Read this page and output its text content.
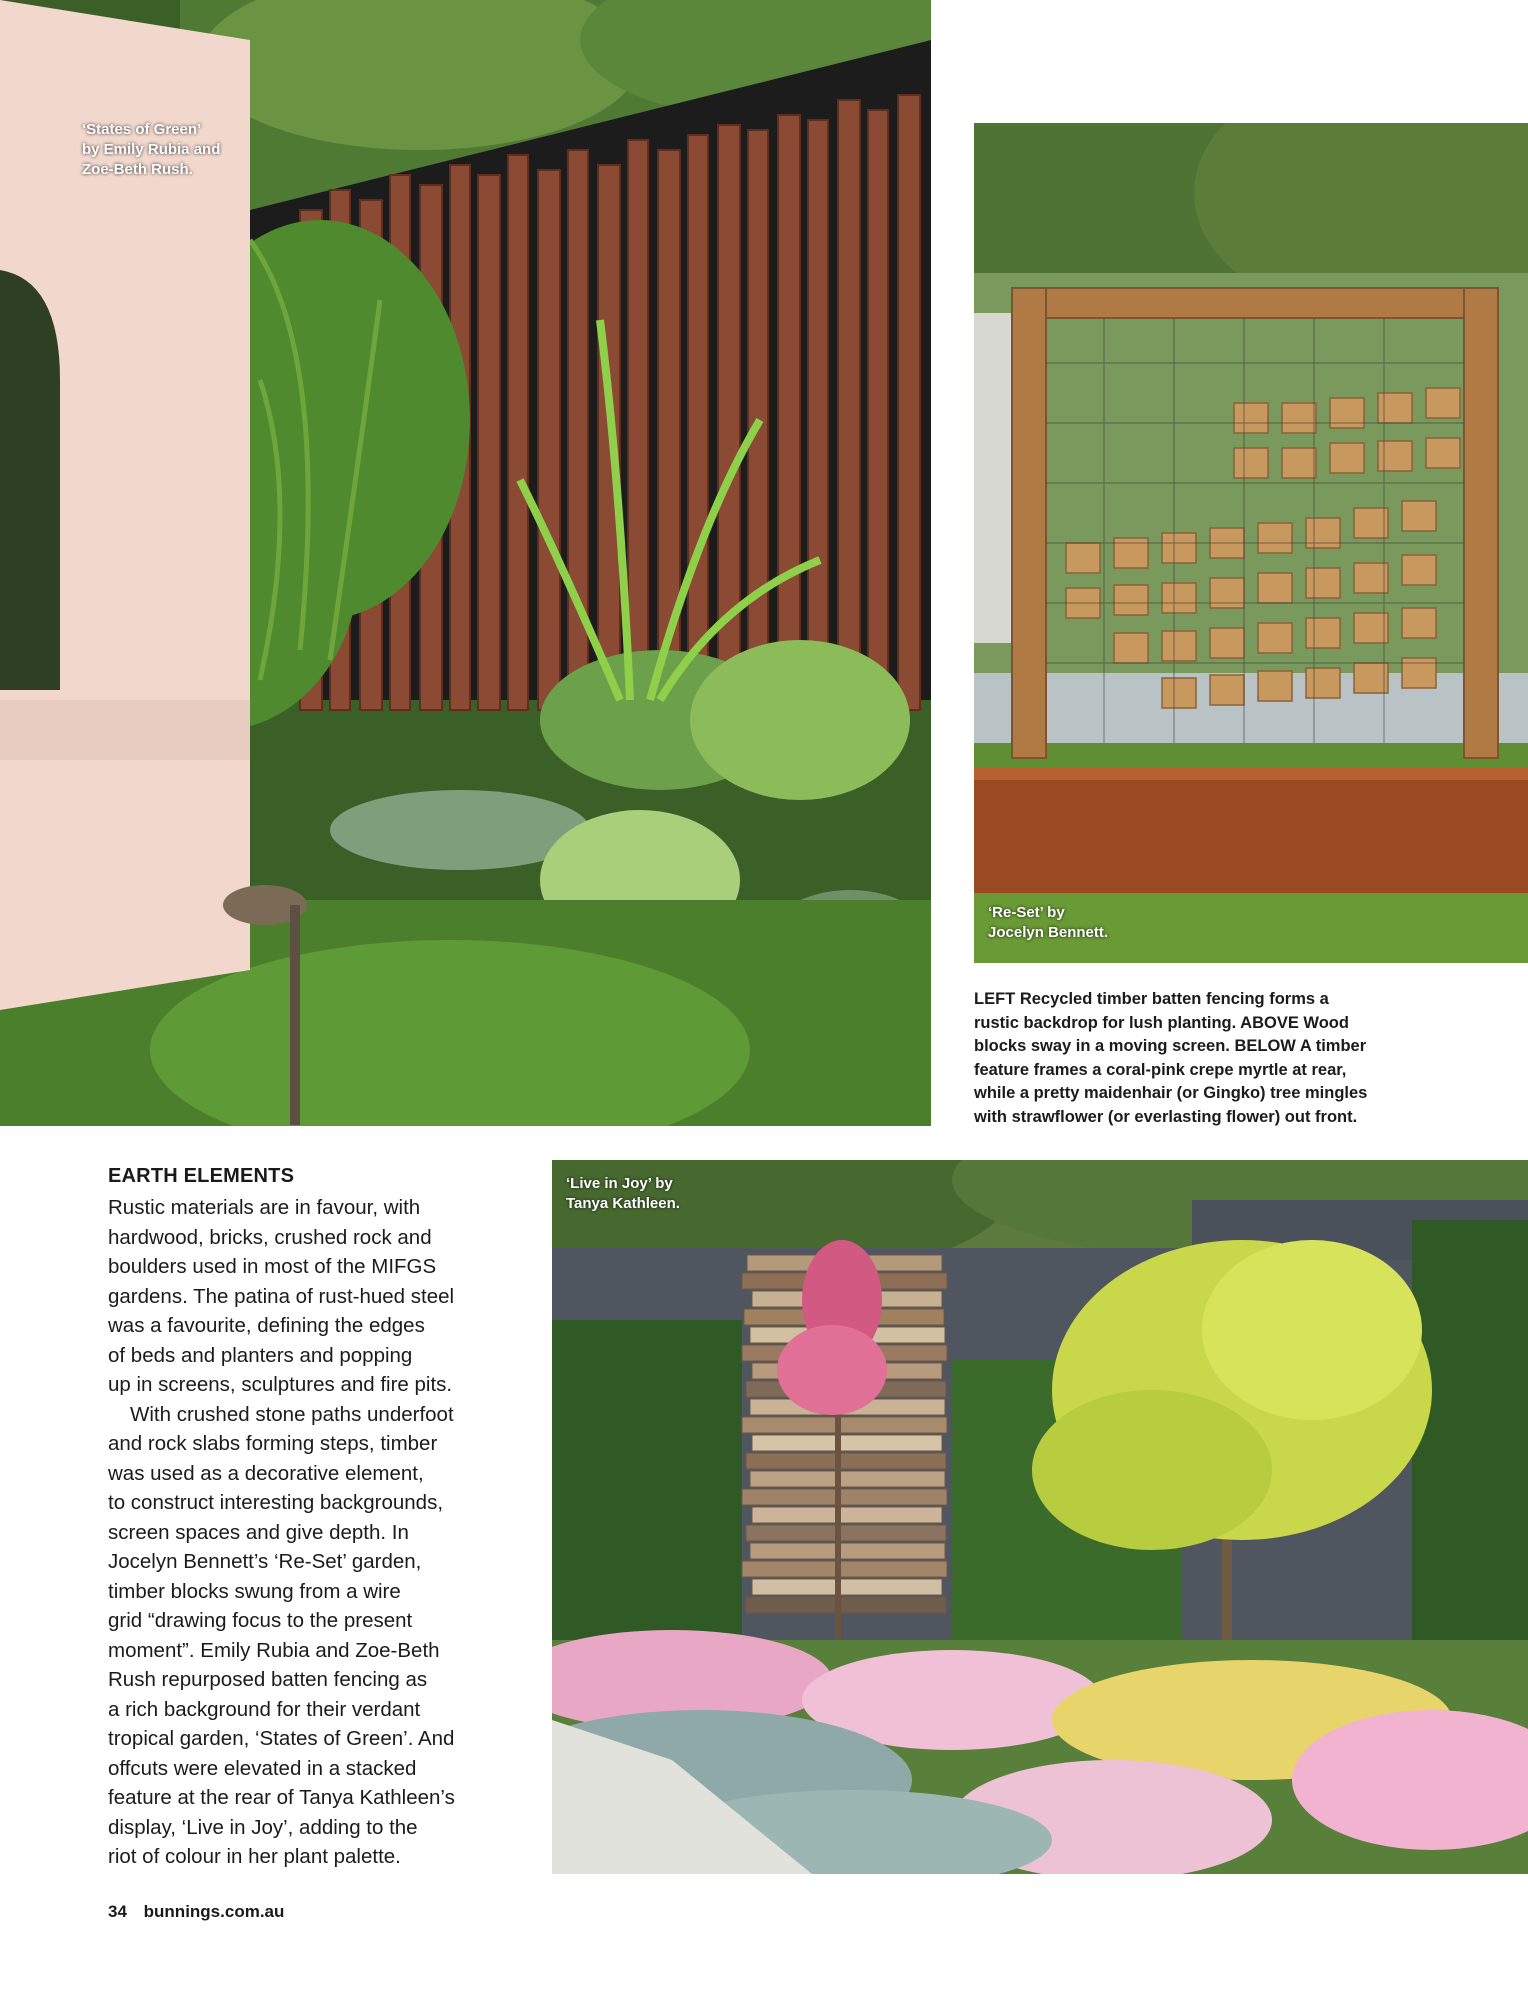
‘States of Green’
by Emily Rubia and
Zoe-Beth Rush.
‘Re-Set’ by
Jocelyn Bennett.
LEFT Recycled timber batten fencing forms a
rustic backdrop for lush planting. ABOVE Wood
blocks sway in a moving screen. BELOW A timber
feature frames a coral-pink crepe myrtle at rear,
while a pretty maidenhair (or Gingko) tree mingles
with strawflower (or everlasting flower) out front.
‘Live in Joy’ by
Tanya Kathleen.
EARTH ELEMENTS
Rustic materials are in favour, with
hardwood, bricks, crushed rock and
boulders used in most of the MIFGS
gardens. The patina of rust-hued steel
was a favourite, defining the edges
of beds and planters and popping
up in screens, sculptures and fire pits.
With crushed stone paths underfoot
and rock slabs forming steps, timber
was used as a decorative element,
to construct interesting backgrounds,
screen spaces and give depth. In
Jocelyn Bennett’s ‘Re-Set’ garden,
timber blocks swung from a wire
grid “drawing focus to the present
moment”. Emily Rubia and Zoe-Beth
Rush repurposed batten fencing as
a rich background for their verdant
tropical garden, ‘States of Green’. And
offcuts were elevated in a stacked
feature at the rear of Tanya Kathleen’s
display, ‘Live in Joy’, adding to the
riot of colour in her plant palette.
34 bunnings.com.au
